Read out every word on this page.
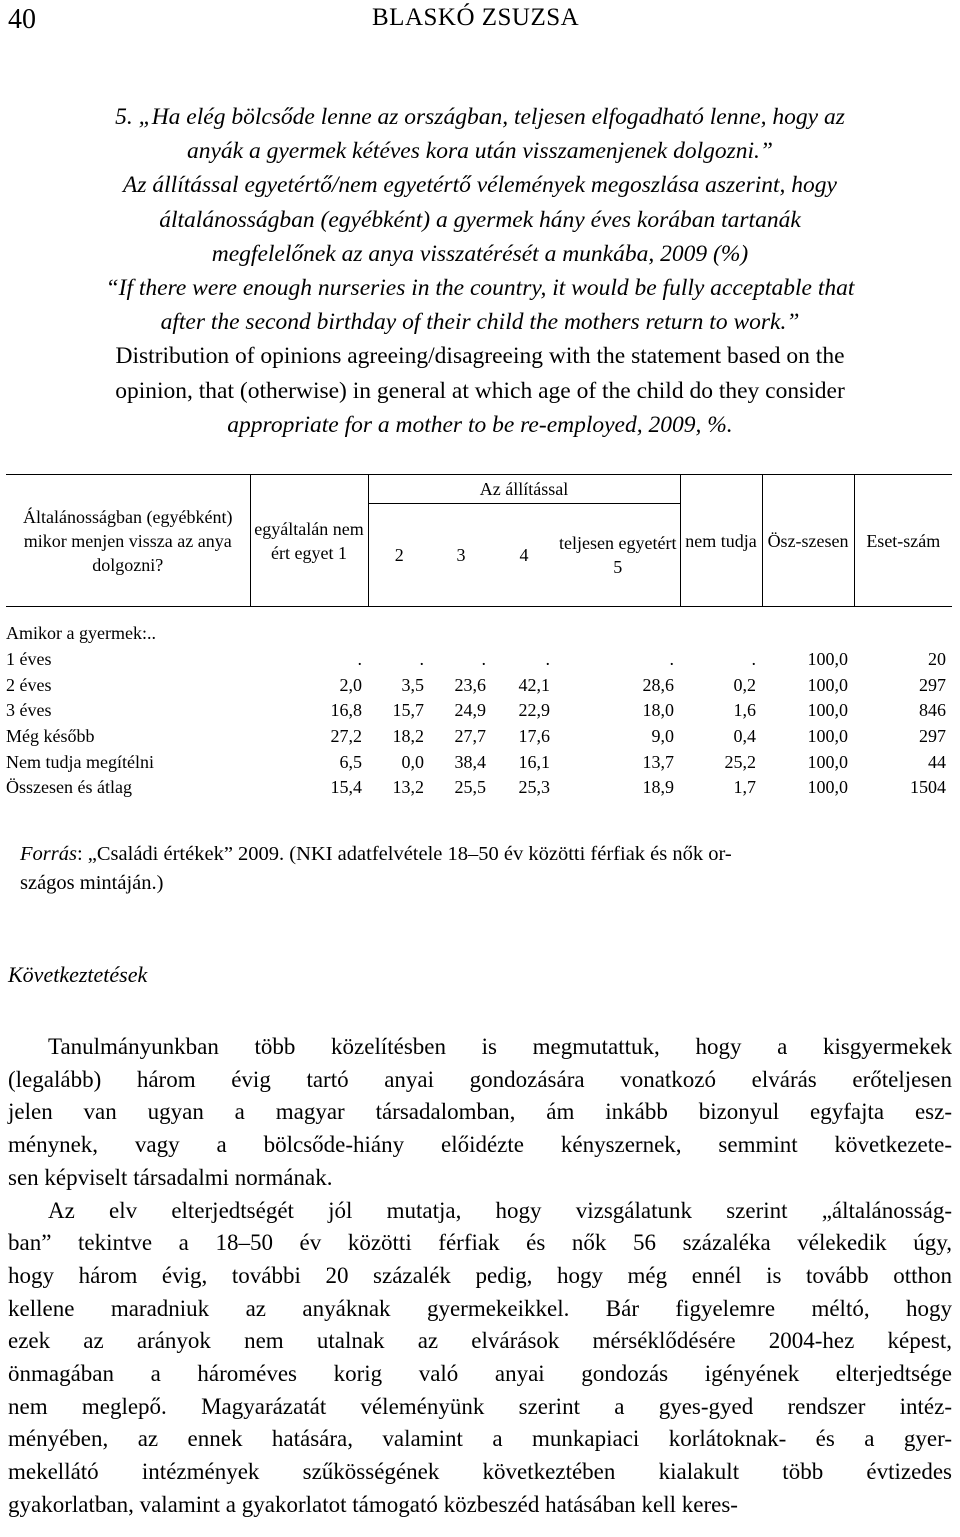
40	BLASKÓ ZSUZSA
5. „Ha elég bölcsőde lenne az országban, teljesen elfogadható lenne, hogy az
anyák a gyermek kétéves kora után visszamenjenek dolgozni.”
Az állítással egyetértő/nem egyetértő vélemények megoszlása aszerint, hogy
általánosságban (egyébként) a gyermek hány éves korában tartanák
megfelelőnek az anya visszatérését a munkába, 2009 (%)
“If there were enough nurseries in the country, it would be fully acceptable that
after the second birthday of their child the mothers return to work.”
Distribution of opinions agreeing/disagreeing with the statement based on the
opinion, that (otherwise) in general at which age of the child do they consider
appropriate for a mother to be re-employed, 2009, %.
Általánosságban (egyébként) mikor menjen vissza az anya dolgozni?	egyáltalán nem ért egyet 1	Az állítással				nem tudja	Ösz-szesen	Eset-szám
		2	3	4	teljesen egyetért 5			
Amikor a gyermek:..								
1 éves	.	.	.	.	.	.	100,0	20
2 éves	2,0	3,5	23,6	42,1	28,6	0,2	100,0	297
3 éves	16,8	15,7	24,9	22,9	18,0	1,6	100,0	846
Még később	27,2	18,2	27,7	17,6	9,0	0,4	100,0	297
Nem tudja megítélni	6,5	0,0	38,4	16,1	13,7	25,2	100,0	44
Összesen és átlag	15,4	13,2	25,5	25,3	18,9	1,7	100,0	1504
Forrás: „Családi értékek” 2009. (NKI adatfelvétele 18–50 év közötti férfiak és nők or-
szágos mintáján.)
Következtetések
Tanulmányunkban több közelítésben is megmutattuk, hogy a kisgyermekek
(legalább) három évig tartó anyai gondozására vonatkozó elvárás erőteljesen
jelen van ugyan a magyar társadalomban, ám inkább bizonyul egyfajta esz-
ménynek, vagy a bölcsőde-hiány előidézte kényszernek, semmint következete-
sen képviselt társadalmi normának.
Az elv elterjedtségét jól mutatja, hogy vizsgálatunk szerint „általánosság-
ban” tekintve a 18–50 év közötti férfiak és nők 56 százaléka vélekedik úgy,
hogy három évig, további 20 százalék pedig, hogy még ennél is tovább otthon
kellene maradniuk az anyáknak gyermekeikkel. Bár figyelemre méltó, hogy
ezek az arányok nem utalnak az elvárások mérséklődésére 2004-hez képest,
önmagában a hároméves korig való anyai gondozás igényének elterjedtsége
nem meglepő. Magyarázatát véleményünk szerint a gyes-gyed rendszer intéz-
ményében, az ennek hatására, valamint a munkapiaci korlátoknak- és a gyer-
mekellátó intézmények szűkösségének következtében kialakult több évtizedes
gyakorlatban, valamint a gyakorlatot támogató közbeszéd hatásában kell keres-
